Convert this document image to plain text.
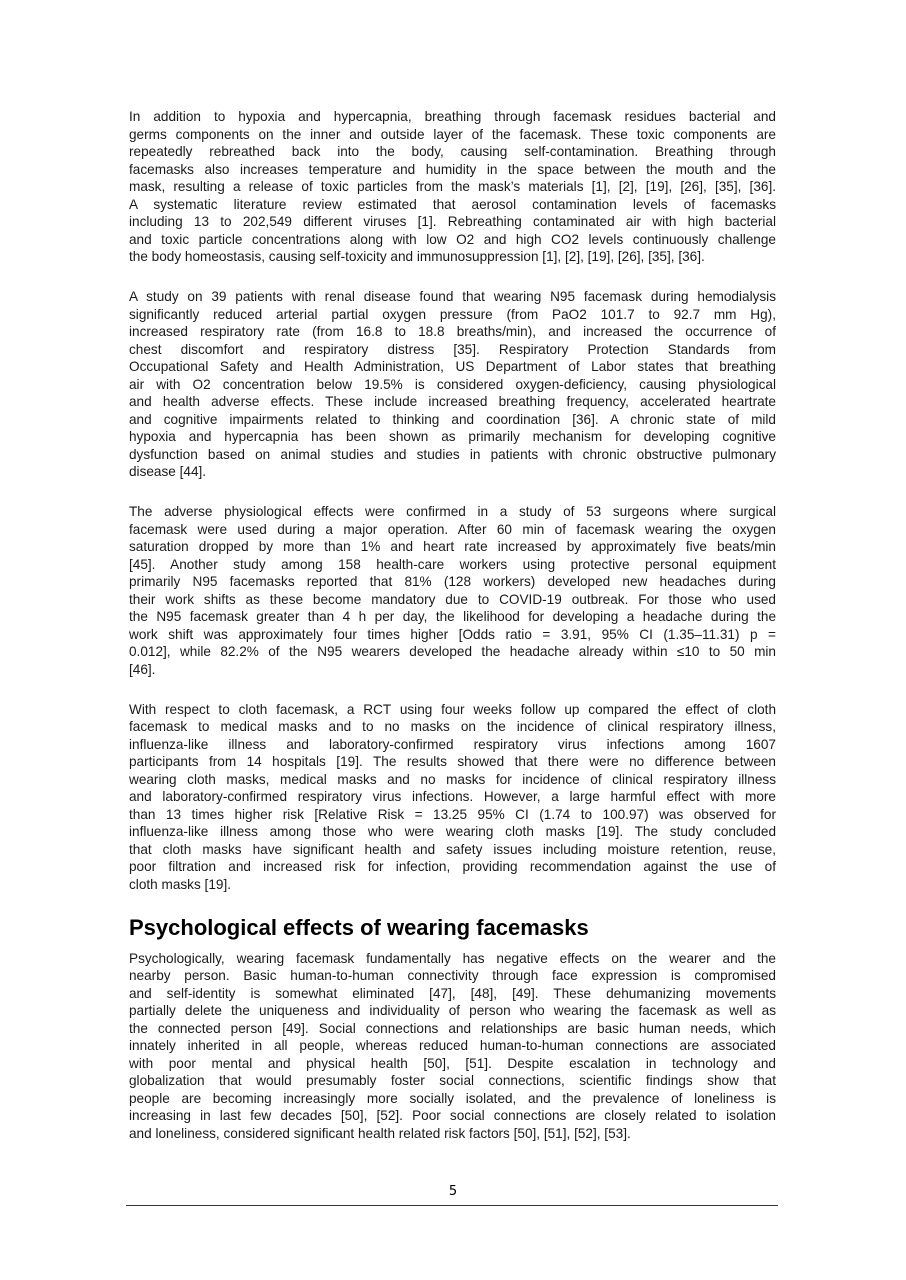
In addition to hypoxia and hypercapnia, breathing through facemask residues bacterial and
germs components on the inner and outside layer of the facemask. These toxic components are
repeatedly rebreathed back into the body, causing self-contamination. Breathing through
facemasks also increases temperature and humidity in the space between the mouth and the
mask, resulting a release of toxic particles from the mask’s materials [1], [2], [19], [26], [35], [36].
A systematic literature review estimated that aerosol contamination levels of facemasks
including 13 to 202,549 different viruses [1]. Rebreathing contaminated air with high bacterial
and toxic particle concentrations along with low O2 and high CO2 levels continuously challenge
the body homeostasis, causing self-toxicity and immunosuppression [1], [2], [19], [26], [35], [36].

A study on 39 patients with renal disease found that wearing N95 facemask during hemodialysis
significantly reduced arterial partial oxygen pressure (from PaO2 101.7 to 92.7 mm Hg),
increased respiratory rate (from 16.8 to 18.8 breaths/min), and increased the occurrence of
chest discomfort and respiratory distress [35]. Respiratory Protection Standards from
Occupational Safety and Health Administration, US Department of Labor states that breathing
air with O2 concentration below 19.5% is considered oxygen-deficiency, causing physiological
and health adverse effects. These include increased breathing frequency, accelerated heartrate
and cognitive impairments related to thinking and coordination [36]. A chronic state of mild
hypoxia and hypercapnia has been shown as primarily mechanism for developing cognitive
dysfunction based on animal studies and studies in patients with chronic obstructive pulmonary
disease [44].

The adverse physiological effects were confirmed in a study of 53 surgeons where surgical
facemask were used during a major operation. After 60 min of facemask wearing the oxygen
saturation dropped by more than 1% and heart rate increased by approximately five beats/min
[45]. Another study among 158 health-care workers using protective personal equipment
primarily N95 facemasks reported that 81% (128 workers) developed new headaches during
their work shifts as these become mandatory due to COVID-19 outbreak. For those who used
the N95 facemask greater than 4 h per day, the likelihood for developing a headache during the
work shift was approximately four times higher [Odds ratio = 3.91, 95% CI (1.35–11.31) p =
0.012], while 82.2% of the N95 wearers developed the headache already within ≤10 to 50 min
[46].

With respect to cloth facemask, a RCT using four weeks follow up compared the effect of cloth
facemask to medical masks and to no masks on the incidence of clinical respiratory illness,
influenza-like illness and laboratory-confirmed respiratory virus infections among 1607
participants from 14 hospitals [19]. The results showed that there were no difference between
wearing cloth masks, medical masks and no masks for incidence of clinical respiratory illness
and laboratory-confirmed respiratory virus infections. However, a large harmful effect with more
than 13 times higher risk [Relative Risk = 13.25 95% CI (1.74 to 100.97) was observed for
influenza-like illness among those who were wearing cloth masks [19]. The study concluded
that cloth masks have significant health and safety issues including moisture retention, reuse,
poor filtration and increased risk for infection, providing recommendation against the use of
cloth masks [19].

Psychological effects of wearing facemasks

Psychologically, wearing facemask fundamentally has negative effects on the wearer and the
nearby person. Basic human-to-human connectivity through face expression is compromised
and self-identity is somewhat eliminated [47], [48], [49]. These dehumanizing movements
partially delete the uniqueness and individuality of person who wearing the facemask as well as
the connected person [49]. Social connections and relationships are basic human needs, which
innately inherited in all people, whereas reduced human-to-human connections are associated
with poor mental and physical health [50], [51]. Despite escalation in technology and
globalization that would presumably foster social connections, scientific findings show that
people are becoming increasingly more socially isolated, and the prevalence of loneliness is
increasing in last few decades [50], [52]. Poor social connections are closely related to isolation
and loneliness, considered significant health related risk factors [50], [51], [52], [53].

5
